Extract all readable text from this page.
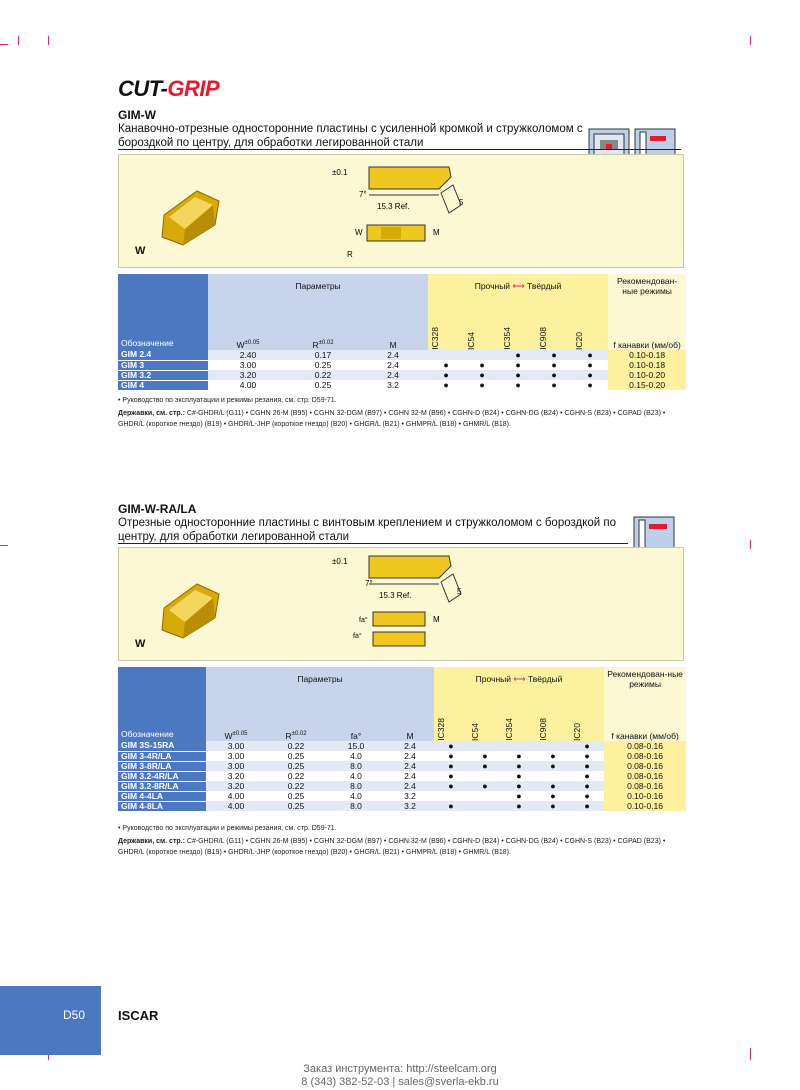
CUT-GRIP
GIM-W
Канавочно-отрезные односторонние пластины с усиленной кромкой и стружколомом с бороздкой по центру, для обработки легированной стали
W
±0.1
7°
15.3 Ref.	5
W	M
R
Обозначение	Параметры			Прочный ⟷ Твёрдый					Рекомендован-ные режимы
	$W^{\pm 0.05}$	$R^{\pm 0.02}$	M	IC328	IC54	IC354	IC908	IC20	f канавки (мм/об)
GIM 2.4	2.40	0.17	2.4			●	●	●	0.10-0.18
GIM 3	3.00	0.25	2.4	●	●	●	●	●	0.10-0.18
GIM 3.2	3.20	0.22	2.4	●	●	●	●	●	0.10-0.20
GIM 4	4.00	0.25	3.2	●	●	●	●	●	0.15-0.20
• Руководство по эксплуатации и режимы резания, см. стр. D59-71.
Державки, см. стр.: C#-GHDR/L (G11) • CGHN 26-M (B95) • CGHN 32-DGM (B97) • CGHN 32-M (B96) • CGHN-D (B24) • CGHN-DG (B24) • CGHN-S (B23) • CGPAD (B23) • GHDR/L (короткое гнездо) (B19) • GHDR/L-JHP (короткое гнездо) (B20) • GHGR/L (B21) • GHMPR/L (B18) • GHMR/L (B18).
GIM-W-RA/LA
Отрезные односторонние пластины с винтовым креплением и стружколомом с бороздкой по центру, для обработки легированной стали
W
±0.1
7°
15.3 Ref.	5
fa°
fa°
M
Обозначение	Параметры				Прочный ⟷ Твёрдый					Рекомендован-ные режимы
	$W^{\pm 0.05}$	$R^{\pm 0.02}$	fa°	M	IC328	IC54	IC354	IC908	IC20	f канавки (мм/об)
GIM 3S-15RA	3.00	0.22	15.0	2.4	●				●	0.08-0.16
GIM 3-4R/LA	3.00	0.25	4.0	2.4	●	●	●	●	●	0.08-0.16
GIM 3-8R/LA	3.00	0.25	8.0	2.4	●	●	●	●	●	0.08-0.16
GIM 3.2-4R/LA	3.20	0.22	4.0	2.4	●		●		●	0.08-0.16
GIM 3.2-8R/LA	3.20	0.22	8.0	2.4	●	●	●	●	●	0.08-0.16
GIM 4-4LA	4.00	0.25	4.0	3.2			●	●	●	0.10-0.16
GIM 4-8LA	4.00	0.25	8.0	3.2	●		●	●	●	0.10-0.16
• Руководство по эксплуатации и режимы резания, см. стр. D59-71.
Державки, см. стр.: C#-GHDR/L (G11) • CGHN 26-M (B95) • CGHN 32-DGM (B97) • CGHN 32-M (B96) • CGHN-D (B24) • CGHN-DG (B24) • CGHN-S (B23) • CGPAD (B23) • GHDR/L (короткое гнездо) (B19) • GHDR/L-JHP (короткое гнездо) (B20) • GHGR/L (B21) • GHMPR/L (B18) • GHMR/L (B18).
D50	ISCAR
Заказ инструмента: http://steelcam.org
8 (343) 382-52-03 | sales@sverla-ekb.ru
